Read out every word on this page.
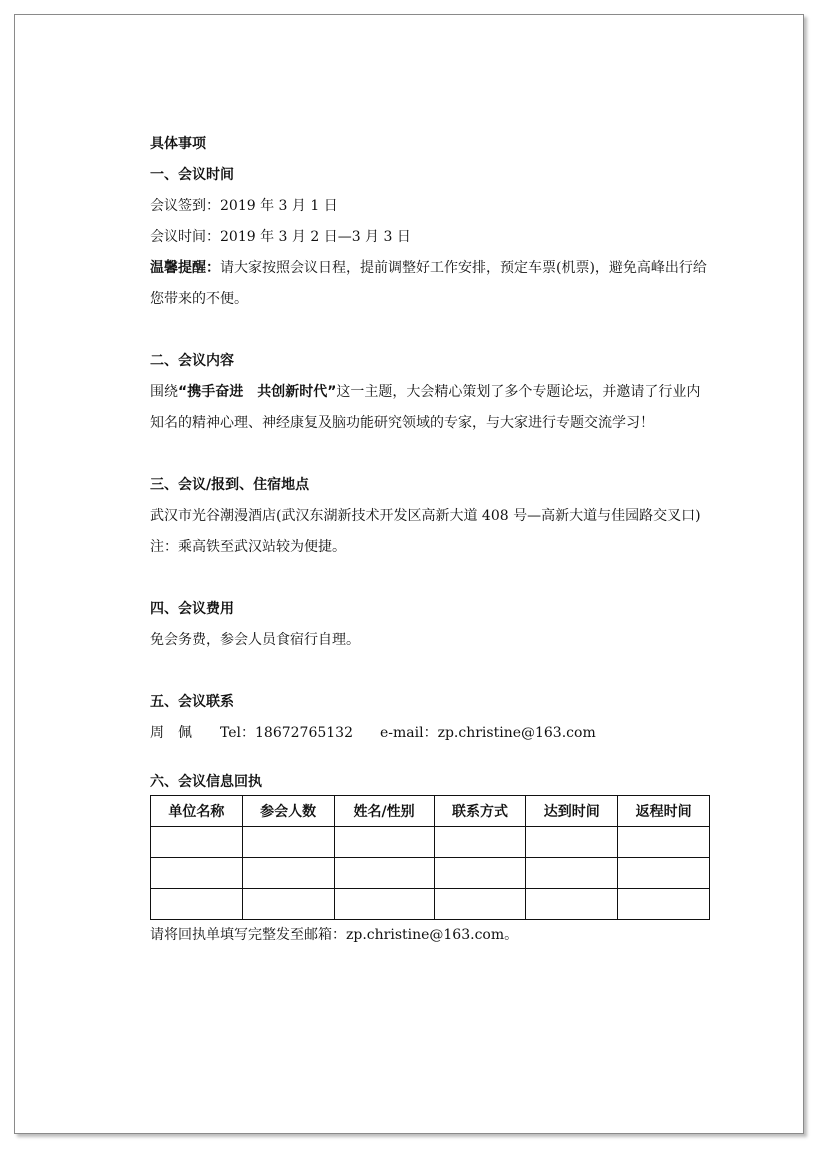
具体事项
一、会议时间
会议签到：2019 年 3 月 1 日
会议时间：2019 年 3 月 2 日—3 月 3 日
温馨提醒：请大家按照会议日程，提前调整好工作安排，预定车票(机票)，避免高峰出行给您带来的不便。
二、会议内容
围绕“携手奋进　共创新时代”这一主题，大会精心策划了多个专题论坛，并邀请了行业内知名的精神心理、神经康复及脑功能研究领域的专家，与大家进行专题交流学习！
三、会议/报到、住宿地点
武汉市光谷潮漫酒店(武汉东湖新技术开发区高新大道 408 号—高新大道与佳园路交叉口)
注：乘高铁至武汉站较为便捷。
四、会议费用
免会务费，参会人员食宿行自理。
五、会议联系
周　佩 Tel：18672765132 e-mail：zp.christine@163.com
六、会议信息回执
单位名称	参会人数	姓名/性别	联系方式	达到时间	返程时间

请将回执单填写完整发至邮箱：zp.christine@163.com。
